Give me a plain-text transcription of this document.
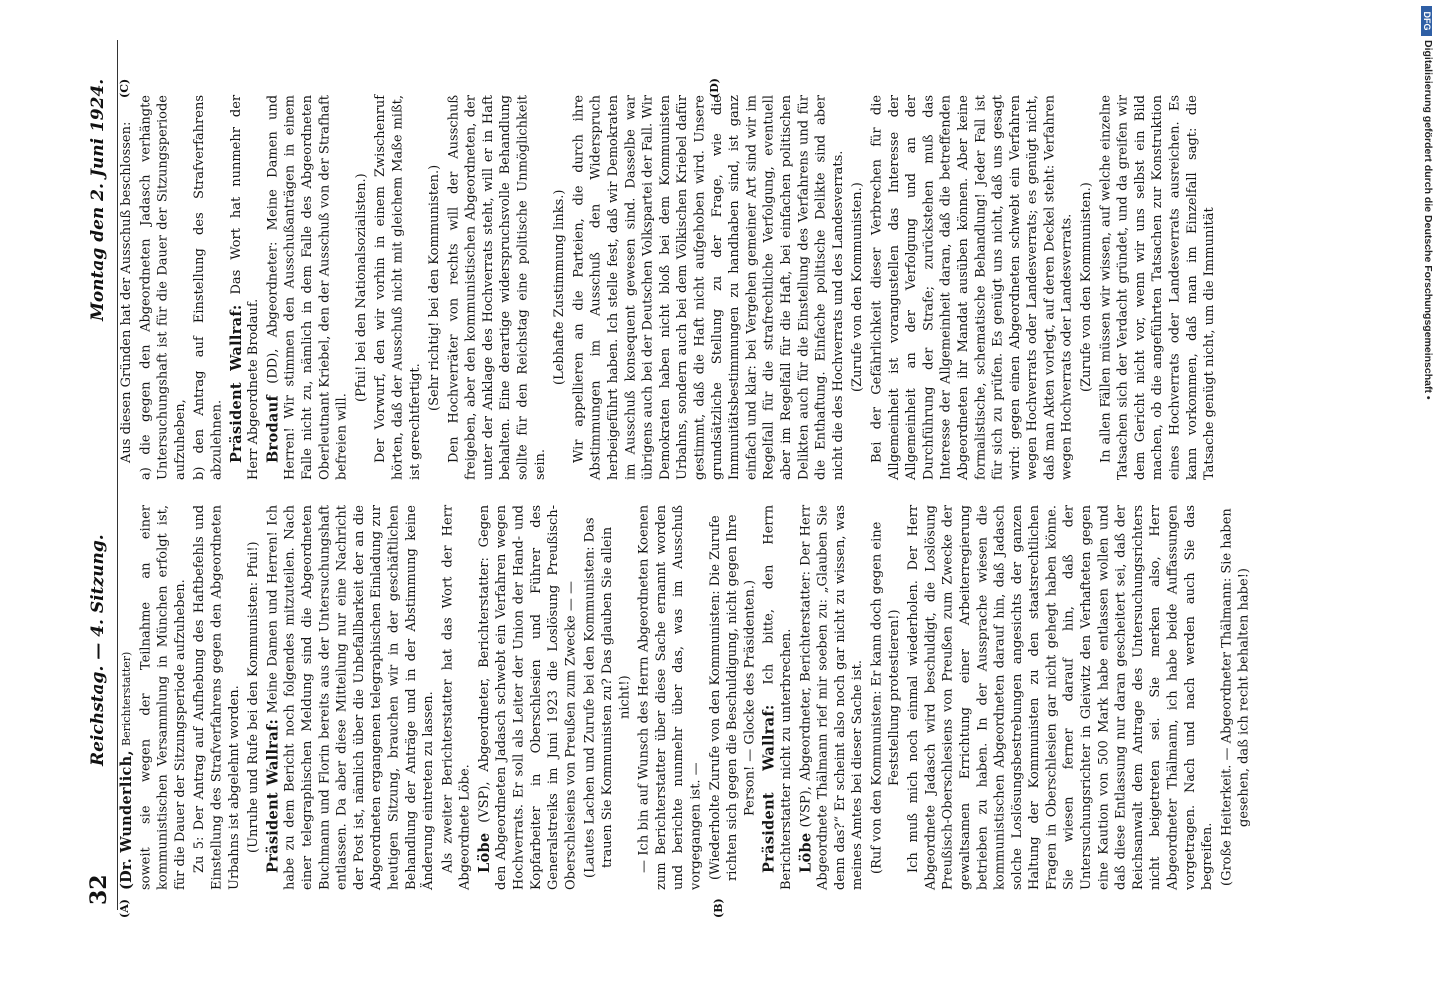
32
Reichstag. — 4. Sitzung.
Montag den 2. Juni 1924.
(A)	(B)
(C)	(D)

(Dr. Wunderlich, Berichterstatter) soweit sie wegen der Teilnahme an einer kommunistischen Versammlung in München erfolgt ist, für die Dauer der Sitzungsperiode aufzuheben. Zu 5: Der Antrag auf Aufhebung des Haftbefehls und Einstellung des Strafverfahrens gegen den Abgeordneten Urbahns ist abgelehnt worden. (Unruhe und Rufe bei den Kommunisten: Pfui!) Präsident Wallraf: Meine Damen und Herren! Ich habe zu dem Bericht noch folgendes mitzuteilen. Nach einer telegraphischen Meldung sind die Abgeordneten Buchmann und Florin bereits aus der Untersuchungshaft entlassen. Da aber diese Mitteilung nur eine Nachricht der Post ist, nämlich über die Unbefallbarkeit der an die Abgeordneten ergangenen telegraphischen Einladung zur heutigen Sitzung, brauchen wir in der geschäftlichen Behandlung der Anträge und in der Abstimmung keine Änderung eintreten zu lassen. Als zweiter Berichterstatter hat das Wort der Herr Abgeordnete Löbe. Löbe (VSP), Abgeordneter, Berichterstatter: Gegen den Abgeordneten Jadasch schwebt ein Verfahren wegen Hochverrats. Er soll als Leiter der Union der Hand- und Kopfarbeiter in Oberschlesien und Führer des Generalstreiks im Juni 1923 die Loslösung Preußisch-Oberschlesiens von Preußen zum Zwecke — — (Lautes Lachen und Zurufe bei den Kommunisten: Das trauen Sie Kommunisten zu? Das glauben Sie allein nicht!) — Ich bin auf Wunsch des Herrn Abgeordneten Koenen zum Berichterstatter über diese Sache ernannt worden und berichte nunmehr über das, was im Ausschuß vorgegangen ist. — (Wiederholte Zurufe von den Kommunisten: Die Zurufe richten sich gegen die Beschuldigung, nicht gegen Ihre Person! — Glocke des Präsidenten.) Präsident Wallraf: Ich bitte, den Herrn Berichterstatter nicht zu unterbrechen. Löbe (VSP), Abgeordneter, Berichterstatter: Der Herr Abgeordnete Thälmann rief mir soeben zu: „Glauben Sie denn das?“ Er scheint also noch gar nicht zu wissen, was meines Amtes bei dieser Sache ist. (Ruf von den Kommunisten: Er kann doch gegen eine Feststellung protestieren!) Ich muß mich noch einmal wiederholen. Der Herr Abgeordnete Jadasch wird beschuldigt, die Loslösung Preußisch-Oberschlesiens von Preußen zum Zwecke der gewaltsamen Errichtung einer Arbeiterregierung betrieben zu haben. In der Aussprache wiesen die kommunistischen Abgeordneten darauf hin, daß Jadasch solche Loslösungsbestrebungen angesichts der ganzen Haltung der Kommunisten zu den staatsrechtlichen Fragen in Oberschlesien gar nicht gehegt haben könne. Sie wiesen ferner darauf hin, daß der Untersuchungsrichter in Gleiwitz den Verhafteten gegen eine Kaution von 500 Mark habe entlassen wollen und daß diese Entlassung nur daran gescheitert sei, daß der Reichsanwalt dem Antrage des Untersuchungsrichters nicht beigetreten sei. Sie merken also, Herr Abgeordneter Thälmann, ich habe beide Auffassungen vorgetragen. Nach und nach werden auch Sie das begreifen. (Große Heiterkeit. — Abgeordneter Thälmann: Sie haben gesehen, daß ich recht behalten habe!)

Aus diesen Gründen hat der Ausschuß beschlossen: a) die gegen den Abgeordneten Jadasch verhängte Untersuchungshaft ist für die Dauer der Sitzungsperiode aufzuheben, b) den Antrag auf Einstellung des Strafverfahrens abzulehnen. Präsident Wallraf: Das Wort hat nunmehr der Herr Abgeordnete Brodauf. Brodauf (DD), Abgeordneter: Meine Damen und Herren! Wir stimmen den Ausschußanträgen in einem Falle nicht zu, nämlich in dem Falle des Abgeordneten Oberleutnant Kriebel, den der Ausschuß von der Strafhaft befreien will.

(Pfui! bei den Nationalsozialisten.) Der Vorwurf, den wir vorhin in einem Zwischenruf hörten, daß der Ausschuß nicht mit gleichem Maße mißt, ist gerechtfertigt.

(Sehr richtig! bei den Kommunisten.) Den Hochverräter von rechts will der Ausschuß freigeben, aber den kommunistischen Abgeordneten, der unter der Anklage des Hochverrats steht, will er in Haft behalten. Eine derartige widerspruchsvolle Behandlung sollte für den Reichstag eine politische Unmöglichkeit sein.

(Lebhafte Zustimmung links.) Wir appellieren an die Parteien, die durch ihre Abstimmungen im Ausschuß den Widerspruch herbeigeführt haben. Ich stelle fest, daß wir Demokraten im Ausschuß konsequent gewesen sind. Dasselbe war übrigens auch bei der Deutschen Volkspartei der Fall. Wir Demokraten haben nicht bloß bei dem Kommunisten Urbahns, sondern auch bei dem Völkischen Kriebel dafür gestimmt, daß die Haft nicht aufgehoben wird. Unsere grundsätzliche Stellung zu der Frage, wie die Immunitätsbestimmungen zu handhaben sind, ist ganz einfach und klar: bei Vergehen gemeiner Art sind wir im Regelfall für die strafrechtliche Verfolgung, eventuell aber im Regelfall für die Haft, bei einfachen politischen Delikten auch für die Einstellung des Verfahrens und für die Enthaftung. Einfache politische Delikte sind aber nicht die des Hochverrats und des Landesverrats. (Zurufe von den Kommunisten.) Bei der Gefährlichkeit dieser Verbrechen für die Allgemeinheit ist vorangustellen das Interesse der Allgemeinheit an der Verfolgung und an der Durchführung der Strafe; zurückstehen muß das Interesse der Allgemeinheit daran, daß die betreffenden Abgeordneten ihr Mandat ausüben können. Aber keine formalistische, schematische Behandlung! Jeder Fall ist für sich zu prüfen. Es genügt uns nicht, daß uns gesagt wird: gegen einen Abgeordneten schwebt ein Verfahren wegen Hochverrats oder Landesverrats; es genügt nicht, daß man Akten vorlegt, auf deren Deckel steht: Verfahren wegen Hochverrats oder Landesverrats. (Zurufe von den Kommunisten.) In allen Fällen müssen wir wissen, auf welche einzelne Tatsachen sich der Verdacht gründet, und da greifen wir dem Gericht nicht vor, wenn wir uns selbst ein Bild machen, ob die angeführten Tatsachen zur Konstruktion eines Hochverrats oder Landesverrats ausreichen. Es kann vorkommen, daß man im Einzelfall sagt: die Tatsache genügt nicht, um die Immunität	Digitalisierung gefördert durch die Deutsche Forschungsgemeinschaft •
DFG
